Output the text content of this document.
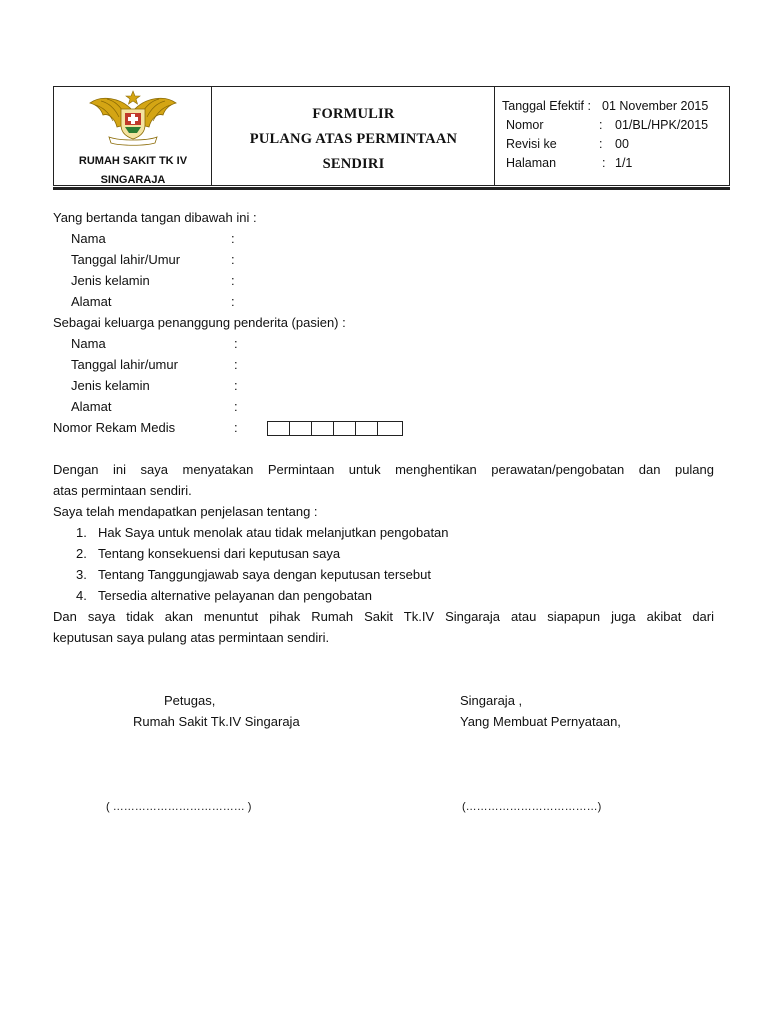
RUMAH SAKIT TK IV
SINGARAJA
FORMULIR
PULANG ATAS PERMINTAAN
SENDIRI
Tanggal Efektif : 01 November 2015
Nomor	: 01/BL/HPK/2015
Revisi ke	: 00
Halaman	: 1/1
Yang bertanda tangan dibawah ini :
Nama	:
Tanggal lahir/Umur	:
Jenis kelamin	:
Alamat	:
Sebagai keluarga penanggung penderita (pasien) :
Nama	:
Tanggal lahir/umur	:
Jenis kelamin	:
Alamat	:
Nomor Rekam Medis	:
Dengan ini saya menyatakan Permintaan untuk menghentikan perawatan/pengobatan dan pulang
atas permintaan sendiri.
Saya telah mendapatkan penjelasan tentang :
1. Hak Saya untuk menolak atau tidak melanjutkan pengobatan
2. Tentang konsekuensi dari keputusan saya
3. Tentang Tanggungjawab saya dengan keputusan tersebut
4. Tersedia alternative pelayanan dan pengobatan
Dan saya tidak akan menuntut pihak Rumah Sakit Tk.IV Singaraja atau siapapun juga akibat dari
keputusan saya pulang atas permintaan sendiri.
Petugas,
Rumah Sakit Tk.IV Singaraja
Singaraja ,
Yang Membuat Pernyataan,
( ……………………………… )	(………………………………)
